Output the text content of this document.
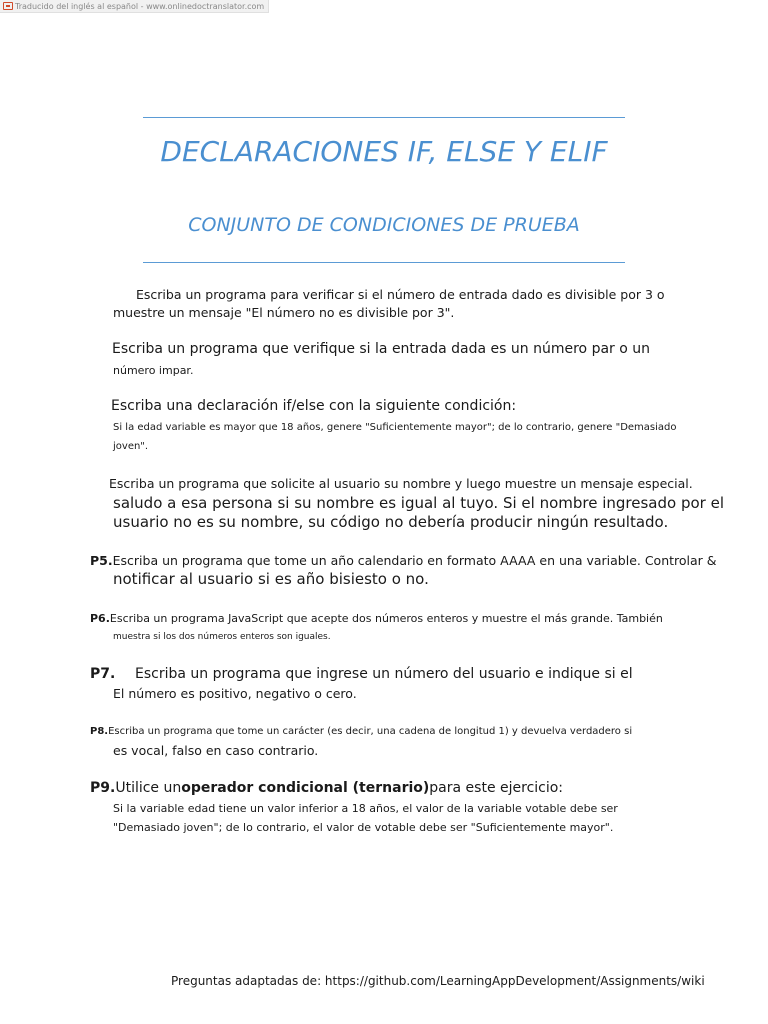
Traducido del inglés al español - www.onlinedoctranslator.com
DECLARACIONES IF, ELSE Y ELIF
CONJUNTO DE CONDICIONES DE PRUEBA

Escriba un programa para verificar si el número de entrada dado es divisible por 3 o

muestre un mensaje "El número no es divisible por 3".

Escriba un programa que verifique si la entrada dada es un número par o un

número impar.

Escriba una declaración if/else con la siguiente condición:

Si la edad variable es mayor que 18 años, genere "Suficientemente mayor"; de lo contrario, genere "Demasiado

joven".

Escriba un programa que solicite al usuario su nombre y luego muestre un mensaje especial.

saludo a esa persona si su nombre es igual al tuyo. Si el nombre ingresado por el

usuario no es su nombre, su código no debería producir ningún resultado.

P5.Escriba un programa que tome un año calendario en formato AAAA en una variable. Controlar &

notificar al usuario si es año bisiesto o no.

P6.Escriba un programa JavaScript que acepte dos números enteros y muestre el más grande. También

muestra si los dos números enteros son iguales.

P7. Escriba un programa que ingrese un número del usuario e indique si el

El número es positivo, negativo o cero.

P8.Escriba un programa que tome un carácter (es decir, una cadena de longitud 1) y devuelva verdadero si

es vocal, falso en caso contrario.

P9.Utilice unoperador condicional (ternario)para este ejercicio:

Si la variable edad tiene un valor inferior a 18 años, el valor de la variable votable debe ser

"Demasiado joven"; de lo contrario, el valor de votable debe ser "Suficientemente mayor".

Preguntas adaptadas de: https://github.com/LearningAppDevelopment/Assignments/wiki
